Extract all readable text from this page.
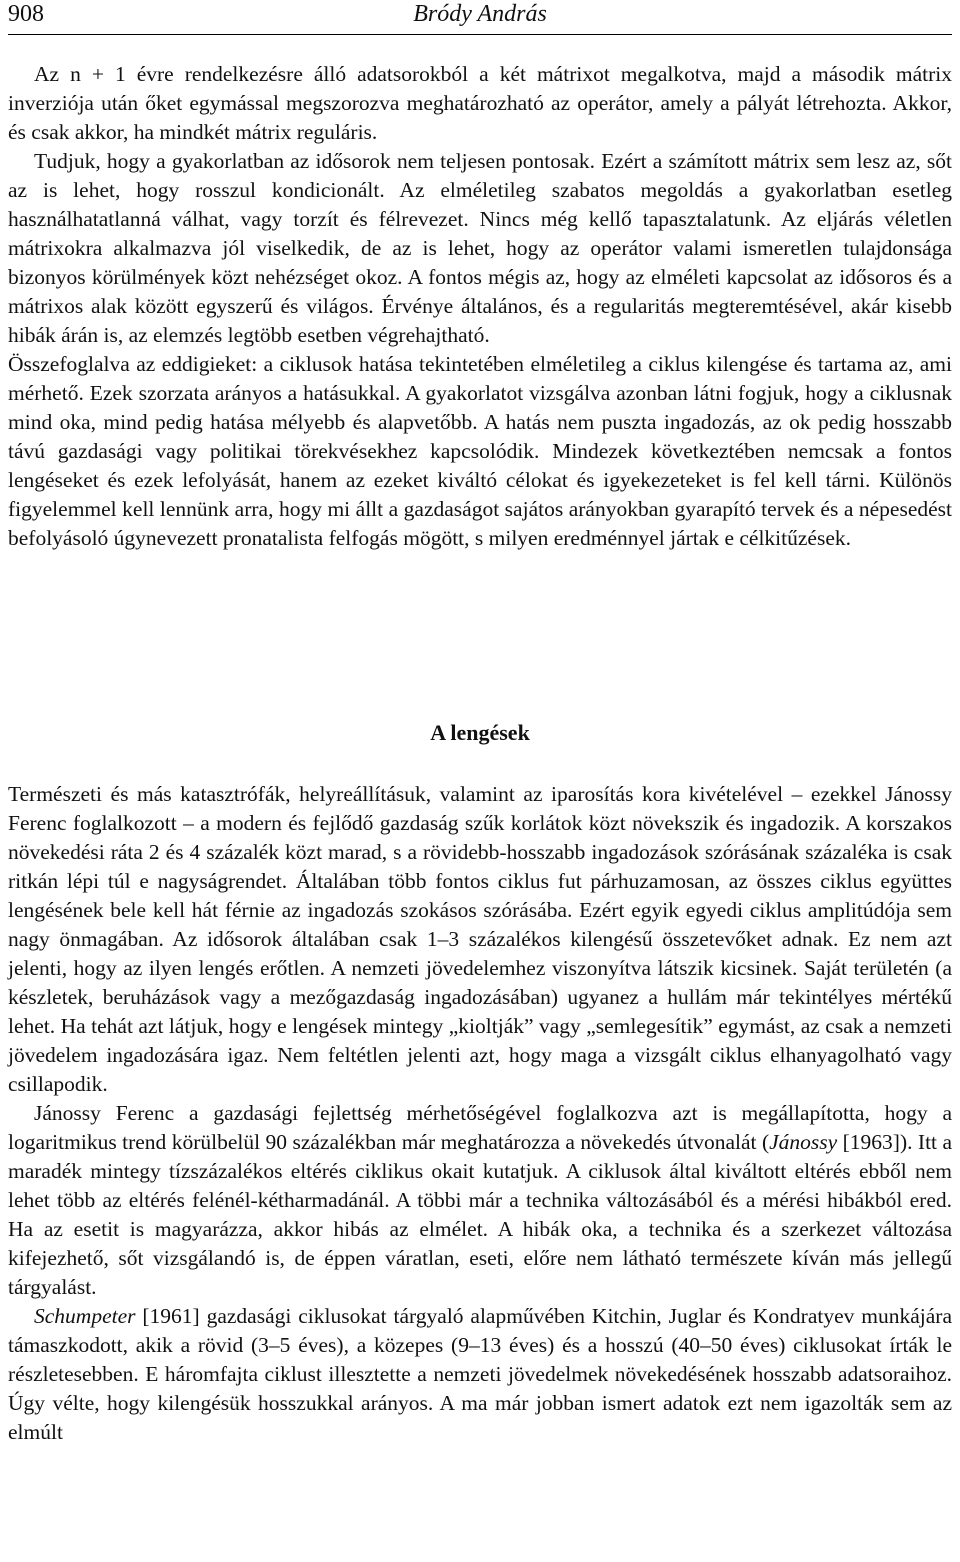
908	Bródy András

Az n + 1 évre rendelkezésre álló adatsorokból a két mátrixot megalkotva, majd a második mátrix inverziója után őket egymással megszorozva meghatározható az operátor, amely a pályát létrehozta. Akkor, és csak akkor, ha mindkét mátrix reguláris.

Tudjuk, hogy a gyakorlatban az idősorok nem teljesen pontosak. Ezért a számított mátrix sem lesz az, sőt az is lehet, hogy rosszul kondicionált. Az elméletileg szabatos megoldás a gyakorlatban esetleg használhatatlanná válhat, vagy torzít és félrevezet. Nincs még kellő tapasztalatunk. Az eljárás véletlen mátrixokra alkalmazva jól viselkedik, de az is lehet, hogy az operátor valami ismeretlen tulajdonsága bizonyos körülmények közt nehézséget okoz. A fontos mégis az, hogy az elméleti kapcsolat az idősoros és a mátrixos alak között egyszerű és világos. Érvénye általános, és a regularitás megteremtésével, akár kisebb hibák árán is, az elemzés legtöbb esetben végrehajtható.

Összefoglalva az eddigieket: a ciklusok hatása tekintetében elméletileg a ciklus kilengése és tartama az, ami mérhető. Ezek szorzata arányos a hatásukkal. A gyakorlatot vizsgálva azonban látni fogjuk, hogy a ciklusnak mind oka, mind pedig hatása mélyebb és alapvetőbb. A hatás nem puszta ingadozás, az ok pedig hosszabb távú gazdasági vagy politikai törekvésekhez kapcsolódik. Mindezek következtében nemcsak a fontos lengéseket és ezek lefolyását, hanem az ezeket kiváltó célokat és igyekezeteket is fel kell tárni. Különös figyelemmel kell lennünk arra, hogy mi állt a gazdaságot sajátos arányokban gyarapító tervek és a népesedést befolyásoló úgynevezett pronatalista felfogás mögött, s milyen eredménnyel jártak e célkitűzések.

A lengések

Természeti és más katasztrófák, helyreállításuk, valamint az iparosítás kora kivételével – ezekkel Jánossy Ferenc foglalkozott – a modern és fejlődő gazdaság szűk korlátok közt növekszik és ingadozik. A korszakos növekedési ráta 2 és 4 százalék közt marad, s a rövidebb-hosszabb ingadozások szórásának százaléka is csak ritkán lépi túl e nagyságrendet. Általában több fontos ciklus fut párhuzamosan, az összes ciklus együttes lengésének bele kell hát férnie az ingadozás szokásos szórásába. Ezért egyik egyedi ciklus amplitúdója sem nagy önmagában. Az idősorok általában csak 1–3 százalékos kilengésű összetevőket adnak. Ez nem azt jelenti, hogy az ilyen lengés erőtlen. A nemzeti jövedelemhez viszonyítva látszik kicsinek. Saját területén (a készletek, beruházások vagy a mezőgazdaság ingadozásában) ugyanez a hullám már tekintélyes mértékű lehet. Ha tehát azt látjuk, hogy e lengések mintegy „kioltják” vagy „semlegesítik” egymást, az csak a nemzeti jövedelem ingadozására igaz. Nem feltétlen jelenti azt, hogy maga a vizsgált ciklus elhanyagolható vagy csillapodik.

Jánossy Ferenc a gazdasági fejlettség mérhetőségével foglalkozva azt is megállapította, hogy a logaritmikus trend körülbelül 90 százalékban már meghatározza a növekedés útvonalát (Jánossy [1963]). Itt a maradék mintegy tízszázalékos eltérés ciklikus okait kutatjuk. A ciklusok által kiváltott eltérés ebből nem lehet több az eltérés felénél-kétharmadánál. A többi már a technika változásából és a mérési hibákból ered. Ha az esetit is magyarázza, akkor hibás az elmélet. A hibák oka, a technika és a szerkezet változása kifejezhető, sőt vizsgálandó is, de éppen váratlan, eseti, előre nem látható természete kíván más jellegű tárgyalást.

Schumpeter [1961] gazdasági ciklusokat tárgyaló alapművében Kitchin, Juglar és Kondratyev munkájára támaszkodott, akik a rövid (3–5 éves), a közepes (9–13 éves) és a hosszú (40–50 éves) ciklusokat írták le részletesebben. E háromfajta ciklust illesztette a nemzeti jövedelmek növekedésének hosszabb adatsoraihoz. Úgy vélte, hogy kilengésük hosszukkal arányos. A ma már jobban ismert adatok ezt nem igazolták sem az elmúlt
